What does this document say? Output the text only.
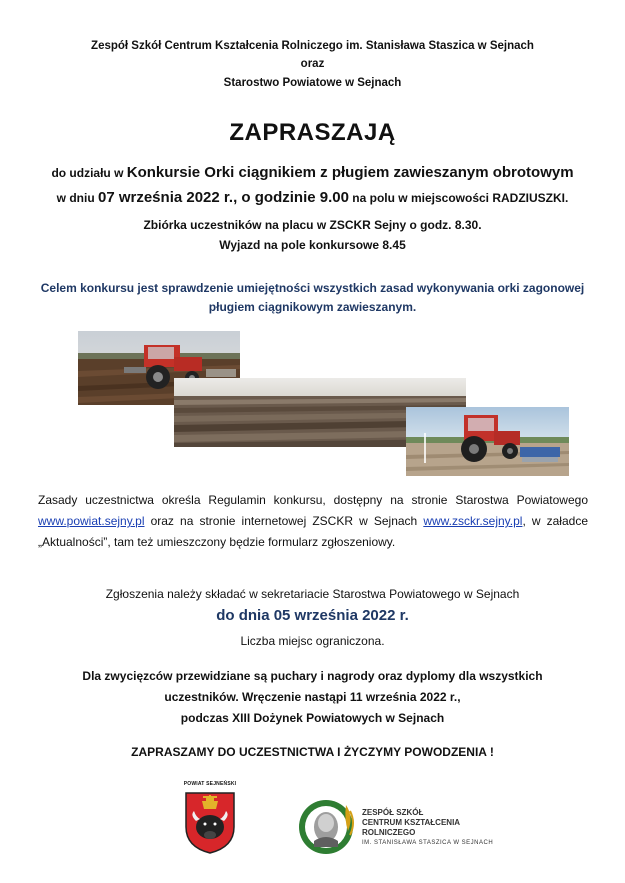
Zespół Szkół Centrum Kształcenia Rolniczego im. Stanisława Staszica w Sejnach
oraz
Starostwo Powiatowe w Sejnach
ZAPRASZAJĄ
do udziału w Konkursie Orki ciągnikiem z pługiem zawieszanym obrotowym
w dniu 07 września 2022 r., o godzinie 9.00 na polu w miejscowości RADZIUSZKI.
Zbiórka uczestników na placu w ZSCKR Sejny o godz. 8.30.
Wyjazd na pole konkursowe 8.45
Celem konkursu jest sprawdzenie umiejętności wszystkich zasad wykonywania orki zagonowej pługiem ciągnikowym zawieszanym.
Zasady uczestnictwa określa Regulamin konkursu, dostępny na stronie Starostwa Powiatowego www.powiat.sejny.pl oraz na stronie internetowej ZSCKR w Sejnach www.zsckr.sejny.pl, w załadce „Aktualności”, tam też umieszczony będzie formularz zgłoszeniowy.
Zgłoszenia należy składać w sekretariacie Starostwa Powiatowego w Sejnach
do dnia 05 września 2022 r.
Liczba miejsc ograniczona.
Dla zwycięzców przewidziane są puchary i nagrody oraz dyplomy dla wszystkich
uczestników. Wręczenie nastąpi 11 września 2022 r.,
podczas XIII Dożynek Powiatowych w Sejnach
ZAPRASZAMY DO UCZESTNICTWA I ŻYCZYMY POWODZENIA !
POWIAT SEJNEŃSKI
ZESPÓŁ SZKÓŁ
CENTRUM KSZTAŁCENIA
ROLNICZEGO
IM. STANISŁAWA STASZICA W SEJNACH
